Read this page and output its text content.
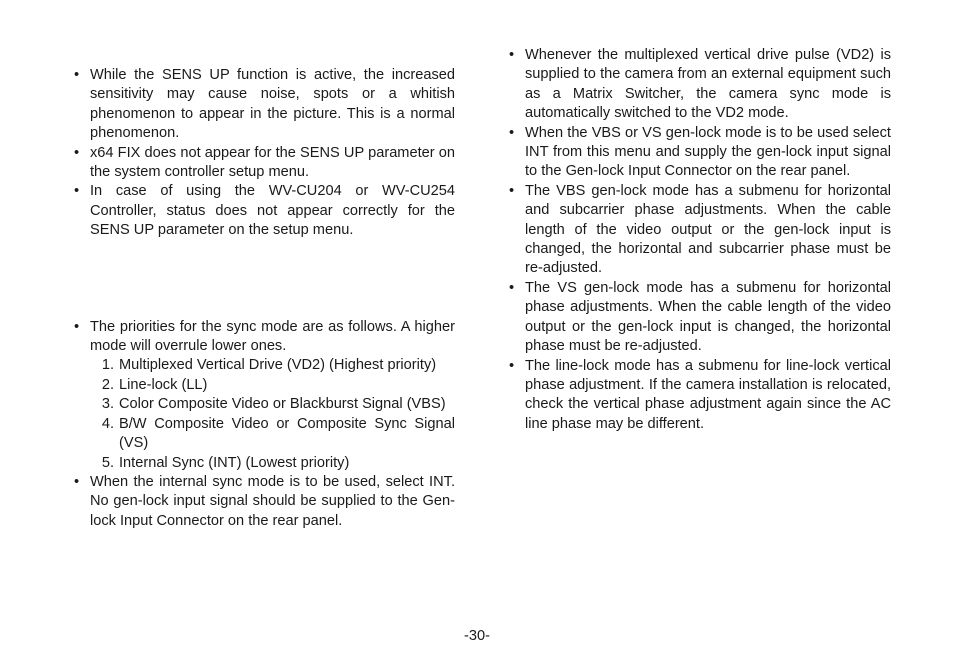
• While the SENS UP function is active, the increased sensitivity may cause noise, spots or a whitish phenomenon to appear in the picture. This is a normal phenomenon.
• x64 FIX does not appear for the SENS UP parameter on the system controller setup menu.
• In case of using the WV-CU204 or WV-CU254 Controller, status does not appear correctly for the SENS UP parameter on the setup menu.
• The priorities for the sync mode are as follows. A higher mode will overrule lower ones.
1. Multiplexed Vertical Drive (VD2) (Highest priority)
2. Line-lock (LL)
3. Color Composite Video or Blackburst Signal (VBS)
4. B/W Composite Video or Composite Sync Signal (VS)
5. Internal Sync (INT) (Lowest priority)
• When the internal sync mode is to be used, select INT. No gen-lock input signal should be supplied to the Gen-lock Input Connector on the rear panel.
• Whenever the multiplexed vertical drive pulse (VD2) is supplied to the camera from an external equipment such as a Matrix Switcher, the camera sync mode is automatically switched to the VD2 mode.
• When the VBS or VS gen-lock mode is to be used select INT from this menu and supply the gen-lock input signal to the Gen-lock Input Connector on the rear panel.
• The VBS gen-lock mode has a submenu for horizontal and subcarrier phase adjustments. When the cable length of the video output or the gen-lock input is changed, the horizontal and subcarrier phase must be re-adjusted.
• The VS gen-lock mode has a submenu for horizontal phase adjustments. When the cable length of the video output or the gen-lock input is changed, the horizontal phase must be re-adjusted.
• The line-lock mode has a submenu for line-lock vertical phase adjustment. If the camera installation is relocated, check the vertical phase adjustment again since the AC line phase may be different.
-30-
